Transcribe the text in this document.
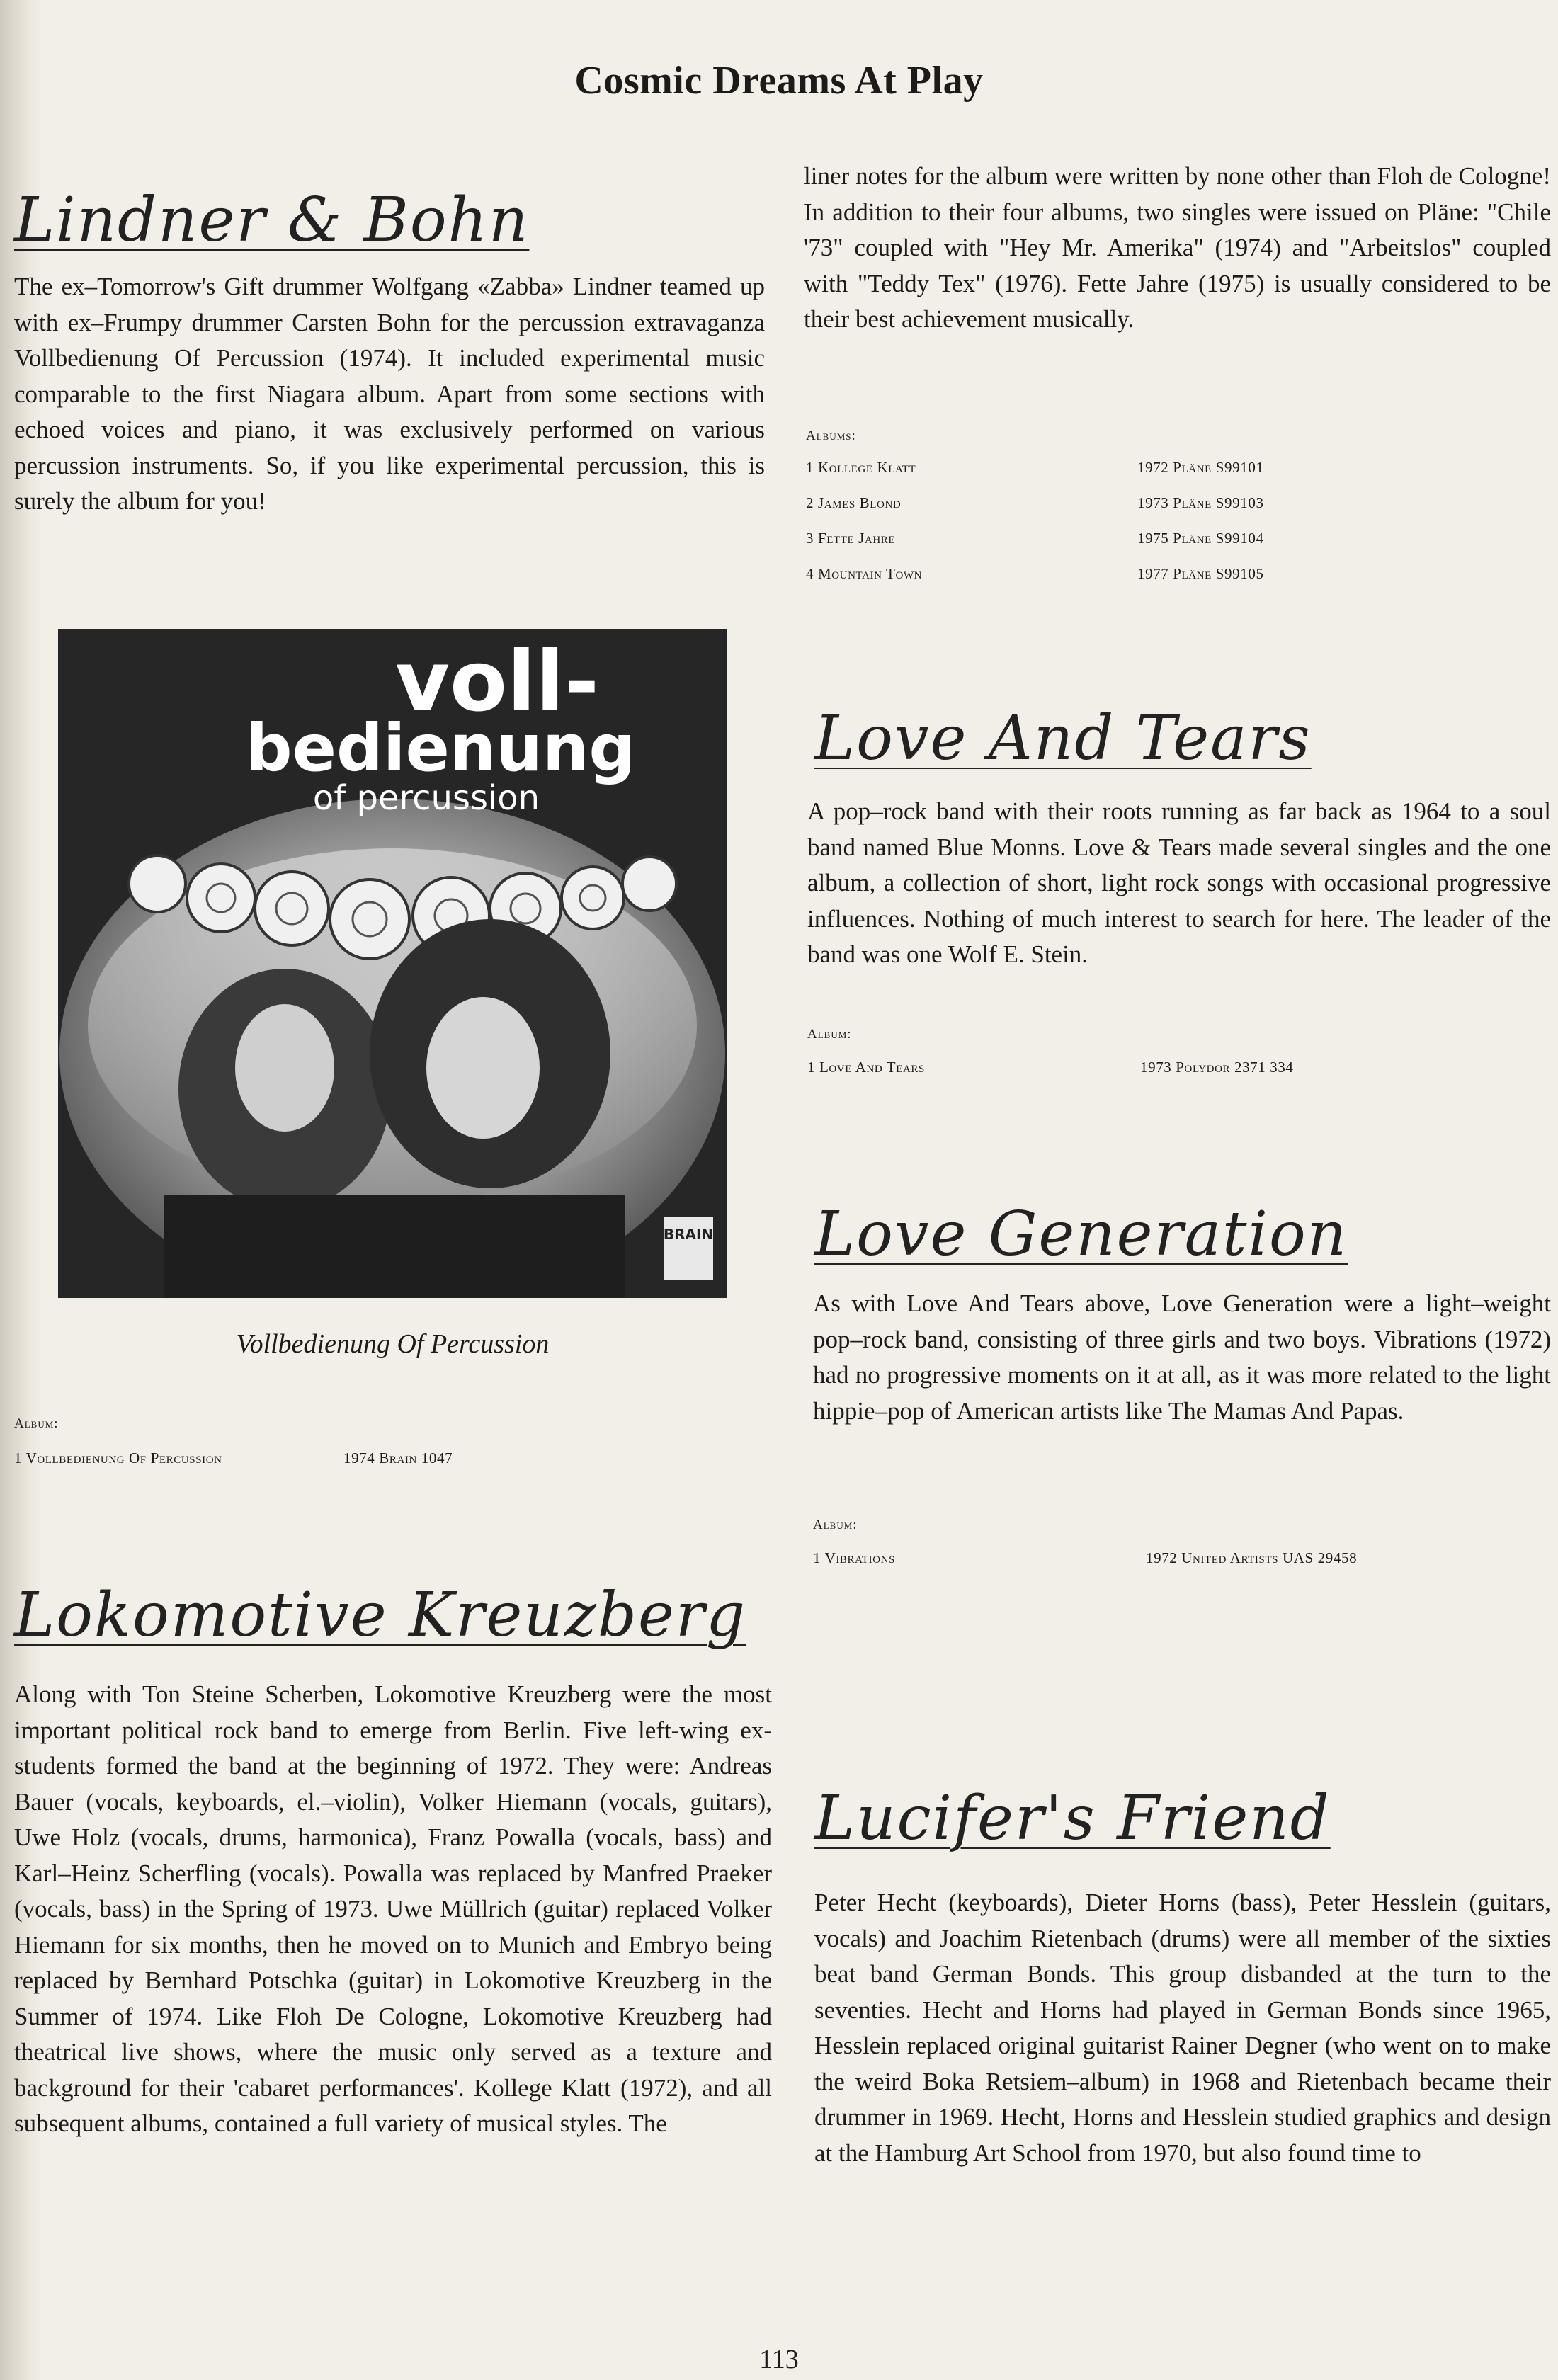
Cosmic Dreams At Play
Lindner & Bohn

The ex–Tomorrow's Gift drummer Wolfgang «Zabba» Lindner teamed up with ex–Frumpy drummer Carsten Bohn for the percussion extravaganza Vollbedienung Of Percussion (1974). It included experimental music comparable to the first Niagara album. Apart from some sections with echoed voices and piano, it was exclusively performed on various percussion instruments. So, if you like experimental percussion, this is surely the album for you!

voll-
bedienung
of percussion
BRAIN
Vollbedienung Of Percussion
Album:
1 Vollbedienung Of Percussion	1974 Brain 1047
Lokomotive Kreuzberg

Along with Ton Steine Scherben, Lokomotive Kreuzberg were the most important political rock band to emerge from Berlin. Five left-wing ex-students formed the band at the beginning of 1972. They were: Andreas Bauer (vocals, keyboards, el.–violin), Volker Hiemann (vocals, guitars), Uwe Holz (vocals, drums, harmonica), Franz Powalla (vocals, bass) and Karl–Heinz Scherfling (vocals). Powalla was replaced by Manfred Praeker (vocals, bass) in the Spring of 1973. Uwe Müllrich (guitar) replaced Volker Hiemann for six months, then he moved on to Munich and Embryo being replaced by Bernhard Potschka (guitar) in Lokomotive Kreuzberg in the Summer of 1974. Like Floh De Cologne, Lokomotive Kreuzberg had theatrical live shows, where the music only served as a texture and background for their 'cabaret performances'. Kollege Klatt (1972), and all subsequent albums, contained a full variety of musical styles. The

liner notes for the album were written by none other than Floh de Cologne! In addition to their four albums, two singles were issued on Pläne: "Chile '73" coupled with "Hey Mr. Amerika" (1974) and "Arbeitslos" coupled with "Teddy Tex" (1976). Fette Jahre (1975) is usually considered to be their best achievement musically.

Albums:
1 Kollege Klatt	1972 Pläne S99101
2 James Blond	1973 Pläne S99103
3 Fette Jahre	1975 Pläne S99104
4 Mountain Town	1977 Pläne S99105
Love And Tears

A pop–rock band with their roots running as far back as 1964 to a soul band named Blue Monns. Love & Tears made several singles and the one album, a collection of short, light rock songs with occasional progressive influences. Nothing of much interest to search for here. The leader of the band was one Wolf E. Stein.

Album:
1 Love And Tears	1973 Polydor 2371 334
Love Generation

As with Love And Tears above, Love Generation were a light–weight pop–rock band, consisting of three girls and two boys. Vibrations (1972) had no progressive moments on it at all, as it was more related to the light hippie–pop of American artists like The Mamas And Papas.

Album:
1 Vibrations	1972 United Artists UAS 29458
Lucifer's Friend

Peter Hecht (keyboards), Dieter Horns (bass), Peter Hesslein (guitars, vocals) and Joachim Rietenbach (drums) were all member of the sixties beat band German Bonds. This group disbanded at the turn to the seventies. Hecht and Horns had played in German Bonds since 1965, Hesslein replaced original guitarist Rainer Degner (who went on to make the weird Boka Retsiem–album) in 1968 and Rietenbach became their drummer in 1969. Hecht, Horns and Hesslein studied graphics and design at the Hamburg Art School from 1970, but also found time to

113
